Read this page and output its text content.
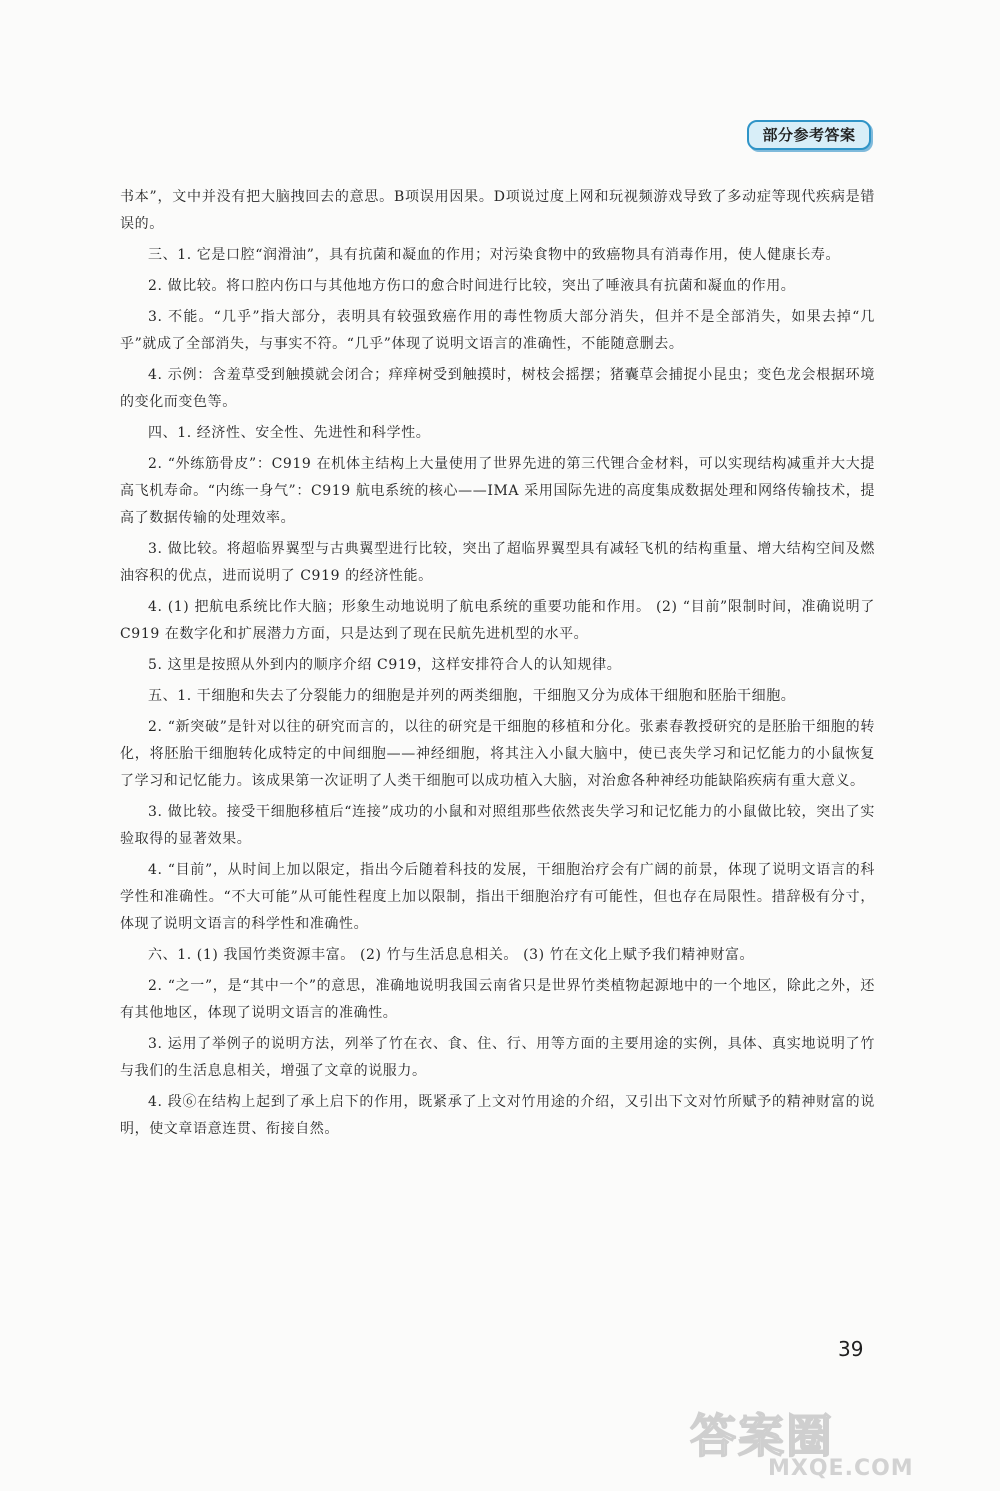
部分参考答案

书本”，文中并没有把大脑拽回去的意思。B项误用因果。D项说过度上网和玩视频游戏导致了多动症等现代疾病是错误的。

三、1. 它是口腔“润滑油”，具有抗菌和凝血的作用；对污染食物中的致癌物具有消毒作用，使人健康长寿。

2. 做比较。将口腔内伤口与其他地方伤口的愈合时间进行比较，突出了唾液具有抗菌和凝血的作用。

3. 不能。“几乎”指大部分，表明具有较强致癌作用的毒性物质大部分消失，但并不是全部消失，如果去掉“几乎”就成了全部消失，与事实不符。“几乎”体现了说明文语言的准确性，不能随意删去。

4. 示例：含羞草受到触摸就会闭合；痒痒树受到触摸时，树枝会摇摆；猪囊草会捕捉小昆虫；变色龙会根据环境的变化而变色等。

四、1. 经济性、安全性、先进性和科学性。

2. “外练筋骨皮”：C919 在机体主结构上大量使用了世界先进的第三代锂合金材料，可以实现结构减重并大大提高飞机寿命。“内练一身气”：C919 航电系统的核心——IMA 采用国际先进的高度集成数据处理和网络传输技术，提高了数据传输的处理效率。

3. 做比较。将超临界翼型与古典翼型进行比较，突出了超临界翼型具有减轻飞机的结构重量、增大结构空间及燃油容积的优点，进而说明了 C919 的经济性能。

4. (1) 把航电系统比作大脑；形象生动地说明了航电系统的重要功能和作用。 (2) “目前”限制时间，准确说明了 C919 在数字化和扩展潜力方面，只是达到了现在民航先进机型的水平。

5. 这里是按照从外到内的顺序介绍 C919，这样安排符合人的认知规律。

五、1. 干细胞和失去了分裂能力的细胞是并列的两类细胞，干细胞又分为成体干细胞和胚胎干细胞。

2. “新突破”是针对以往的研究而言的，以往的研究是干细胞的移植和分化。张素春教授研究的是胚胎干细胞的转化，将胚胎干细胞转化成特定的中间细胞——神经细胞，将其注入小鼠大脑中，使已丧失学习和记忆能力的小鼠恢复了学习和记忆能力。该成果第一次证明了人类干细胞可以成功植入大脑，对治愈各种神经功能缺陷疾病有重大意义。

3. 做比较。接受干细胞移植后“连接”成功的小鼠和对照组那些依然丧失学习和记忆能力的小鼠做比较，突出了实验取得的显著效果。

4. “目前”，从时间上加以限定，指出今后随着科技的发展，干细胞治疗会有广阔的前景，体现了说明文语言的科学性和准确性。“不大可能”从可能性程度上加以限制，指出干细胞治疗有可能性，但也存在局限性。措辞极有分寸，体现了说明文语言的科学性和准确性。

六、1. (1) 我国竹类资源丰富。 (2) 竹与生活息息相关。 (3) 竹在文化上赋予我们精神财富。

2. “之一”，是“其中一个”的意思，准确地说明我国云南省只是世界竹类植物起源地中的一个地区，除此之外，还有其他地区，体现了说明文语言的准确性。

3. 运用了举例子的说明方法，列举了竹在衣、食、住、行、用等方面的主要用途的实例，具体、真实地说明了竹与我们的生活息息相关，增强了文章的说服力。

4. 段⑥在结构上起到了承上启下的作用，既紧承了上文对竹用途的介绍，又引出下文对竹所赋予的精神财富的说明，使文章语意连贯、衔接自然。

39
答案圈
MXQE.COM
